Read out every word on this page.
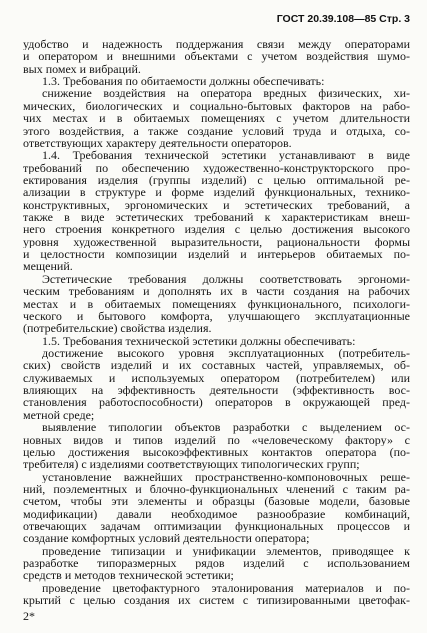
ГОСТ 20.39.108—85 Стр. 3
удобство и надежность поддержания связи между операторами
и оператором и внешними объектами с учетом воздействия шумо-
вых помех и вибраций.
1.3. Требования по обитаемости должны обеспечивать:
снижение воздействия на оператора вредных физических, хи-
мических, биологических и социально-бытовых факторов на рабо-
чих местах и в обитаемых помещениях с учетом длительности
этого воздействия, а также создание условий труда и отдыха, со-
ответствующих характеру деятельности операторов.
1.4. Требования технической эстетики устанавливают в виде
требований по обеспечению художественно-конструкторского про-
ектирования изделия (группы изделий) с целью оптимальной ре-
ализации в структуре и форме изделий функциональных, технико-
конструктивных, эргономических и эстетических требований, а
также в виде эстетических требований к характеристикам внеш-
него строения конкретного изделия с целью достижения высокого
уровня художественной выразительности, рациональности формы
и целостности композиции изделий и интерьеров обитаемых по-
мещений.
Эстетические требования должны соответствовать эргономи-
ческим требованиям и дополнять их в части создания на рабочих
местах и в обитаемых помещениях функционального, психологи-
ческого и бытового комфорта, улучшающего эксплуатационные
(потребительские) свойства изделия.
1.5. Требования технической эстетики должны обеспечивать:
достижение высокого уровня эксплуатационных (потребитель-
ских) свойств изделий и их составных частей, управляемых, об-
служиваемых и используемых оператором (потребителем) или
влияющих на эффективность деятельности (эффективность вос-
становления работоспособности) операторов в окружающей пред-
метной среде;
выявление типологии объектов разработки с выделением ос-
новных видов и типов изделий по «человеческому фактору» с
целью достижения высокоэффективных контактов оператора (по-
требителя) с изделиями соответствующих типологических групп;
установление важнейших пространственно-компоновочных реше-
ний, поэлементных и блочно-функциональных членений с таким ра-
счетом, чтобы эти элементы и образцы (базовые модели, базовые
модификации) давали необходимое разнообразие комбинаций,
отвечающих задачам оптимизации функциональных процессов и
создание комфортных условий деятельности оператора;
проведение типизации и унификации элементов, приводящее к
разработке типоразмерных рядов изделий с использованием
средств и методов технической эстетики;
проведение цветофактурного эталонирования материалов и по-
крытий с целью создания их систем с типизированными цветофак-
2*
